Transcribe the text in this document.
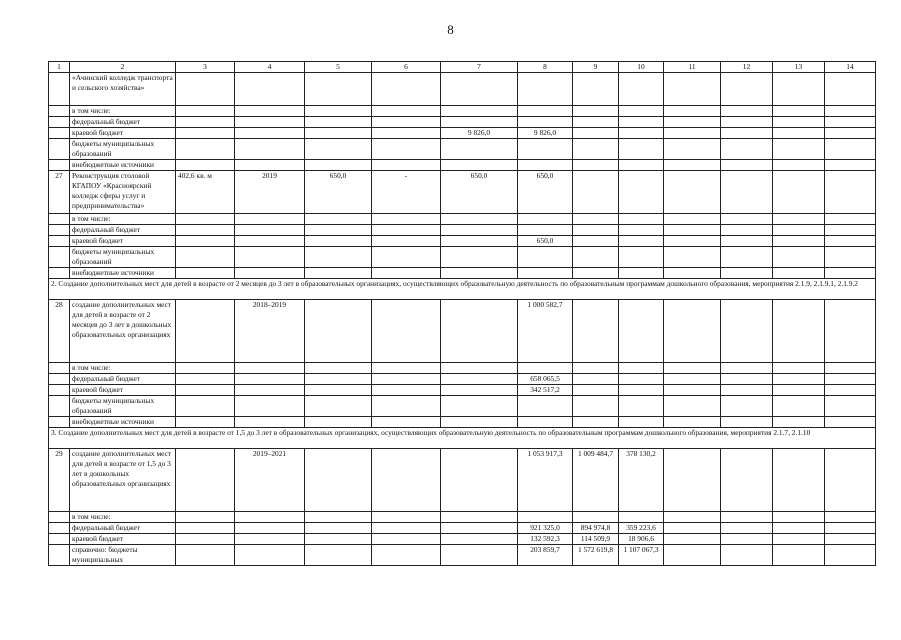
8
1	2	3	4	5	6	7	8	9	10	11	12	13	14
	«Ачинский колледж транспорта и сельского хозяйства»												
	в том числе:												
	федеральный бюджет												
	краевой бюджет					9 826,0	9 826,0						
	бюджеты муниципальных образований												
	внебюджетные источники												
27	Реконструкция столовой КГАПОУ «Красноярский колледж сферы услуг и предпринимательства»	402,6 кв. м	2019	650,0	-	650,0	650,0						
	в том числе:												
	федеральный бюджет												
	краевой бюджет						650,0						
	бюджеты муниципальных образований												
	внебюджетные источники												
2. Создание дополнительных мест для детей в возрасте от 2 месяцев до 3 лет в образовательных организациях, осуществляющих образовательную деятельность по образовательным программам дошкольного образования, мероприятия 2.1.9, 2.1.9.1, 2.1.9.2													
28	создание дополнительных мест для детей в возрасте от 2 месяцев до 3 лет в дошкольных образовательных организациях		2018–2019				1 000 582,7						
	в том числе:												
	федеральный бюджет						658 065,5						
	краевой бюджет						342 517,2						
	бюджеты муниципальных образований												
	внебюджетные источники												
3. Создание дополнительных мест для детей в возрасте от 1,5 до 3 лет в образовательных организациях, осуществляющих образовательную деятельность по образовательным программам дошкольного образования, мероприятия 2.1.7, 2.1.10													
29	создание дополнительных мест для детей в возрасте от 1,5 до 3 лет в дошкольных образовательных организациях		2019–2021				1 053 917,3	1 009 484,7	378 130,2				
	в том числе:												
	федеральный бюджет						921 325,0	894 974,8	359 223,6				
	краевой бюджет						132 592,3	114 509,9	18 906,6				
	справочно: бюджеты муниципальных						203 859,7	1 572 619,8	1 107 067,3				
